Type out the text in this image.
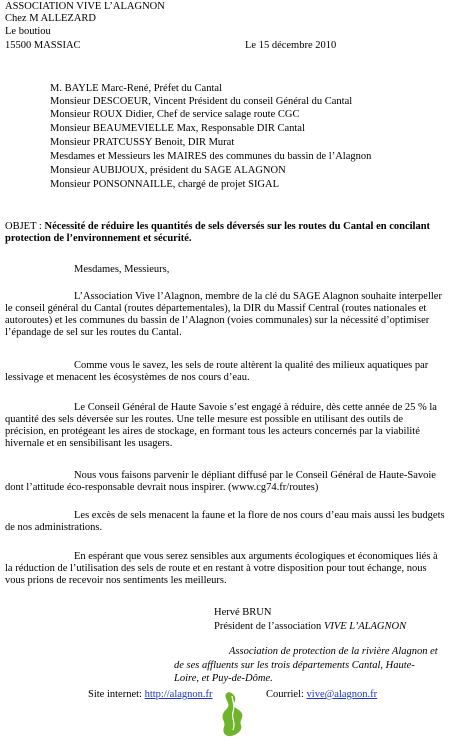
ASSOCIATION VIVE L’ALAGNON
Chez M ALLEZARD
Le boutiou
15500 MASSIAC	Le 15 décembre 2010
M. BAYLE Marc-René, Préfet du Cantal
Monsieur DESCOEUR, Vincent Président du conseil Général du Cantal
Monsieur ROUX Didier, Chef de service salage route CGC
Monsieur BEAUMEVIELLE Max, Responsable DIR Cantal
Monsieur PRATCUSSY Benoit, DIR Murat
Mesdames et Messieurs les MAIRES des communes du bassin de l’Alagnon
Monsieur AUBIJOUX, président du SAGE ALAGNON
Monsieur PONSONNAILLE, chargé de projet SIGAL
OBJET : Nécessité de réduire les quantités de sels déversés sur les routes du Cantal en concilant protection de l’environnement et sécurité.
Mesdames, Messieurs,
L’Association Vive l’Alagnon, membre de la clé du SAGE Alagnon souhaite interpeller le conseil général du Cantal (routes départementales), la DIR du Massif Central (routes nationales et autoroutes) et les communes du bassin de l’Alagnon (voies communales) sur la nécessité d’optimiser l’épandage de sel sur les routes du Cantal.
Comme vous le savez, les sels de route altèrent la qualité des milieux aquatiques par lessivage et menacent les écosystèmes de nos cours d’eau.
Le Conseil Général de Haute Savoie s’est engagé à réduire, dès cette année de 25 % la quantité des sels déversée sur les routes. Une telle mesure est possible en utilisant des outils de précision, en protégeant les aires de stockage, en formant tous les acteurs concernés par la viabilité hivernale et en sensibilisant les usagers.
Nous vous faisons parvenir le dépliant diffusé par le Conseil Général de Haute-Savoie dont l’attitude éco-responsable devrait nous inspirer. (www.cg74.fr/routes)
Les excès de sels menacent la faune et la flore de nos cours d’eau mais aussi les budgets de nos administrations.
En espérant que vous serez sensibles aux arguments écologiques et économiques liés à la réduction de l’utilisation des sels de route et en restant à votre disposition pour tout échange, nous vous prions de recevoir nos sentiments les meilleurs.
Hervé BRUN
Président de l’association VIVE L’ALAGNON
Association de protection de la rivière Alagnon et
de ses affluents sur les trois départements Cantal, Haute-
Loire, et Puy-de-Dôme.
Site internet: http://alagnon.fr	Courriel: vive@alagnon.fr
